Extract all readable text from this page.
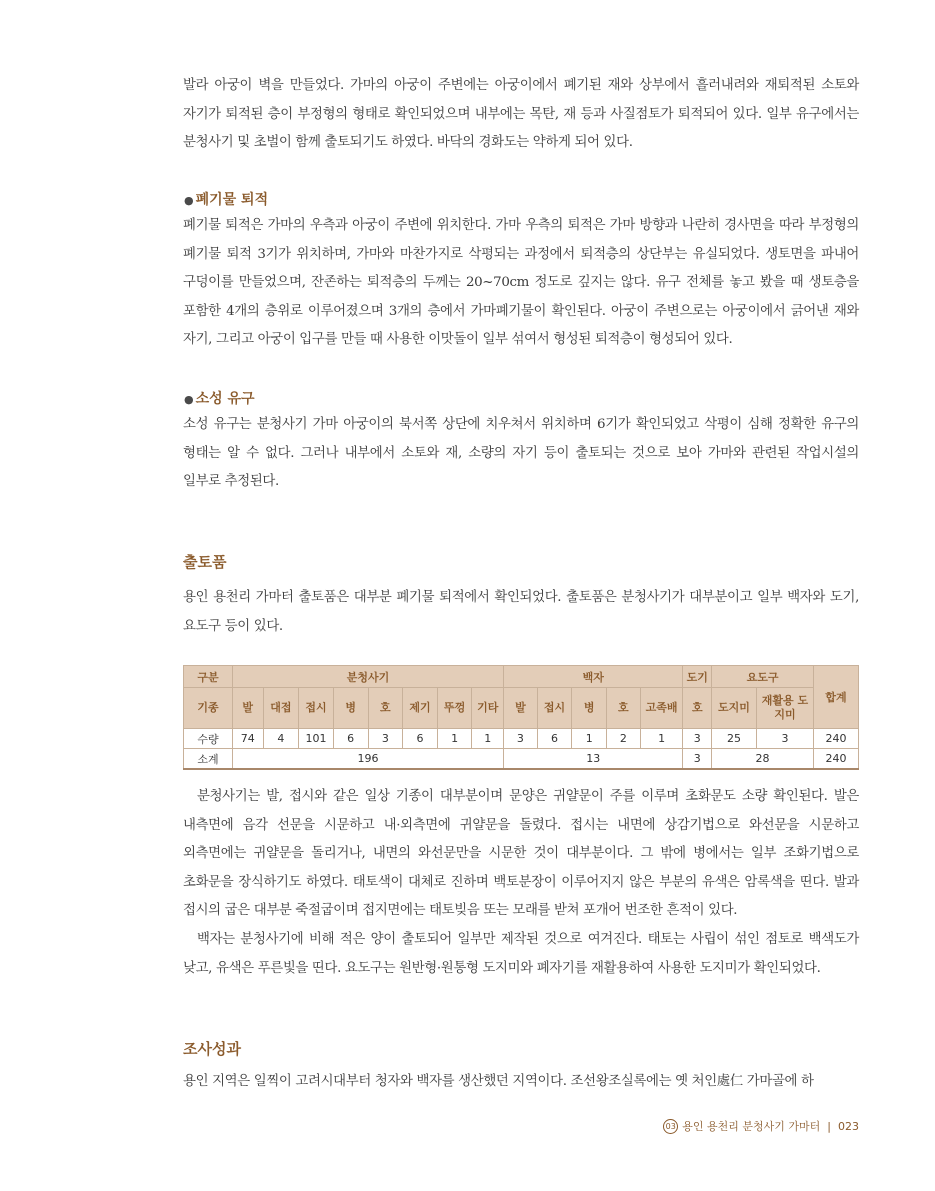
발라 아궁이 벽을 만들었다. 가마의 아궁이 주변에는 아궁이에서 폐기된 재와 상부에서 흘러내려와 재퇴적된 소토와 자기가 퇴적된 층이 부정형의 형태로 확인되었으며 내부에는 목탄, 재 등과 사질점토가 퇴적되어 있다. 일부 유구에서는 분청사기 및 초벌이 함께 출토되기도 하였다. 바닥의 경화도는 약하게 되어 있다.

● 폐기물 퇴적

폐기물 퇴적은 가마의 우측과 아궁이 주변에 위치한다. 가마 우측의 퇴적은 가마 방향과 나란히 경사면을 따라 부정형의 폐기물 퇴적 3기가 위치하며, 가마와 마찬가지로 삭평되는 과정에서 퇴적층의 상단부는 유실되었다. 생토면을 파내어 구덩이를 만들었으며, 잔존하는 퇴적층의 두께는 20~70cm 정도로 깊지는 않다. 유구 전체를 놓고 봤을 때 생토층을 포함한 4개의 층위로 이루어졌으며 3개의 층에서 가마폐기물이 확인된다. 아궁이 주변으로는 아궁이에서 긁어낸 재와 자기, 그리고 아궁이 입구를 만들 때 사용한 이맛돌이 일부 섞여서 형성된 퇴적층이 형성되어 있다.

● 소성 유구

소성 유구는 분청사기 가마 아궁이의 북서쪽 상단에 치우쳐서 위치하며 6기가 확인되었고 삭평이 심해 정확한 유구의 형태는 알 수 없다. 그러나 내부에서 소토와 재, 소량의 자기 등이 출토되는 것으로 보아 가마와 관련된 작업시설의 일부로 추정된다.

출토품

용인 용천리 가마터 출토품은 대부분 폐기물 퇴적에서 확인되었다. 출토품은 분청사기가 대부분이고 일부 백자와 도기, 요도구 등이 있다.

구분	분청사기								백자					도기	요도구		합계
기종	발	대접	접시	병	호	제기	뚜껑	기타	발	접시	병	호	고족배	호	도지미	재활용 도지미	
수량	74	4	101	6	3	6	1	1	3	6	1	2	1	3	25	3	240
소계	196								13					3	28		240

분청사기는 발, 접시와 같은 일상 기종이 대부분이며 문양은 귀얄문이 주를 이루며 초화문도 소량 확인된다. 발은 내측면에 음각 선문을 시문하고 내·외측면에 귀얄문을 돌렸다. 접시는 내면에 상감기법으로 와선문을 시문하고 외측면에는 귀얄문을 돌리거나, 내면의 와선문만을 시문한 것이 대부분이다. 그 밖에 병에서는 일부 조화기법으로 초화문을 장식하기도 하였다. 태토색이 대체로 진하며 백토분장이 이루어지지 않은 부분의 유색은 암록색을 띤다. 발과 접시의 굽은 대부분 죽절굽이며 접지면에는 태토빚음 또는 모래를 받쳐 포개어 번조한 흔적이 있다.

백자는 분청사기에 비해 적은 양이 출토되어 일부만 제작된 것으로 여겨진다. 태토는 사립이 섞인 점토로 백색도가 낮고, 유색은 푸른빛을 띤다. 요도구는 원반형·원통형 도지미와 폐자기를 재활용하여 사용한 도지미가 확인되었다.

조사성과

용인 지역은 일찍이 고려시대부터 청자와 백자를 생산했던 지역이다. 조선왕조실록에는 옛 처인處仁 가마골에 하

03 용인 용천리 분청사기 가마터 | 023
